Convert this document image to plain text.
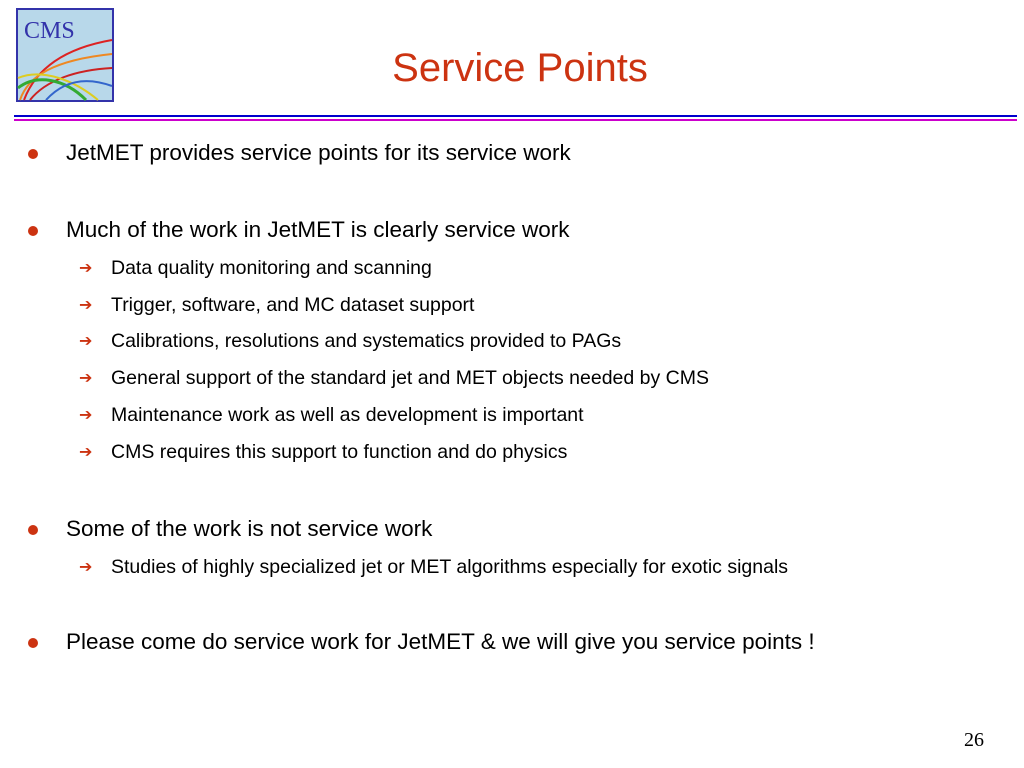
CMS
Service Points
JetMET provides service points for its service work
Much of the work in JetMET is clearly service work
➔ Data quality monitoring and scanning
➔ Trigger, software, and MC dataset support
➔ Calibrations, resolutions and systematics provided to PAGs
➔ General support of the standard jet and MET objects needed by CMS
➔ Maintenance work as well as development is important
➔ CMS requires this support to function and do physics
Some of the work is not service work
➔ Studies of highly specialized jet or MET algorithms especially for exotic signals
Please come do service work for JetMET & we will give you service points !
26
